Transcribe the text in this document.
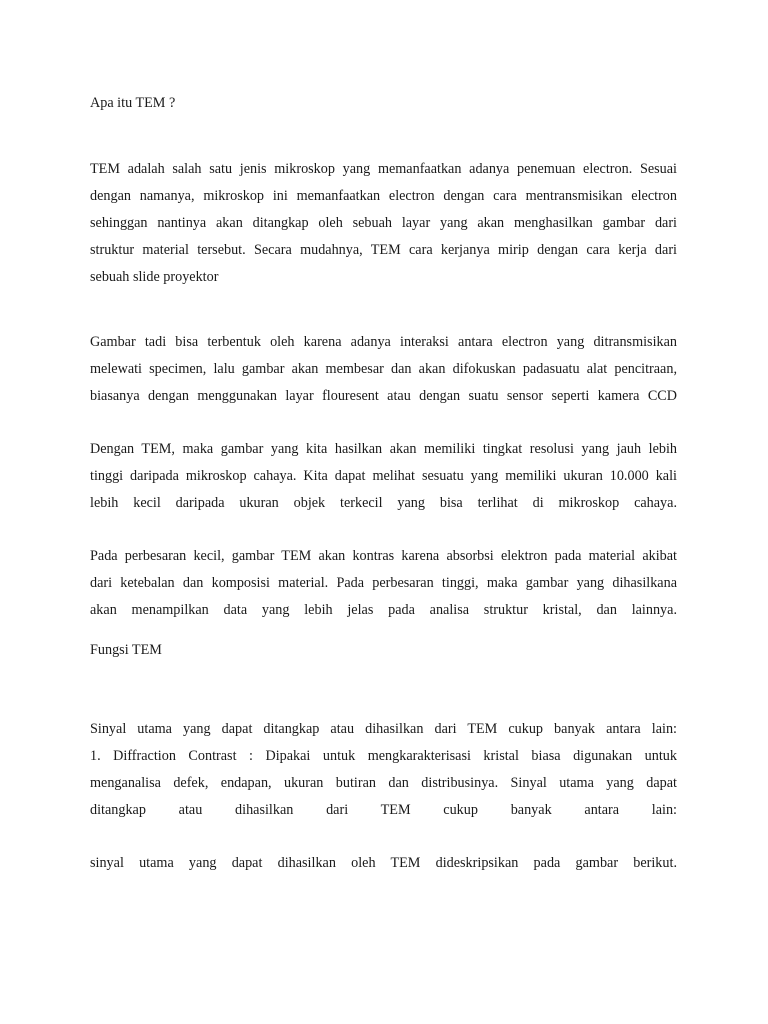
Apa itu TEM ?

TEM adalah salah satu jenis mikroskop yang memanfaatkan adanya penemuan electron. Sesuai

dengan namanya, mikroskop ini memanfaatkan electron dengan cara mentransmisikan electron

sehinggan nantinya akan ditangkap oleh sebuah layar yang akan menghasilkan gambar dari

struktur material tersebut. Secara mudahnya, TEM cara kerjanya mirip dengan cara kerja dari

sebuah slide proyektor

Gambar tadi bisa terbentuk oleh karena adanya interaksi antara electron yang ditransmisikan

melewati specimen, lalu gambar akan membesar dan akan difokuskan padasuatu alat pencitraan,

biasanya dengan menggunakan layar flouresent atau dengan suatu sensor seperti kamera CCD

Dengan TEM, maka gambar yang kita hasilkan akan memiliki tingkat resolusi yang jauh lebih

tinggi daripada mikroskop cahaya. Kita dapat melihat sesuatu yang memiliki ukuran 10.000 kali

lebih kecil daripada ukuran objek terkecil yang bisa terlihat di mikroskop cahaya.

Pada perbesaran kecil, gambar TEM akan kontras karena absorbsi elektron pada material akibat

dari ketebalan dan komposisi material. Pada perbesaran tinggi, maka gambar yang dihasilkana

akan menampilkan data yang lebih jelas pada analisa struktur kristal, dan lainnya.

Fungsi TEM

Sinyal utama yang dapat ditangkap atau dihasilkan dari TEM cukup banyak antara lain:

1. Diffraction Contrast : Dipakai untuk mengkarakterisasi kristal biasa digunakan untuk

menganalisa defek, endapan, ukuran butiran dan distribusinya. Sinyal utama yang dapat

ditangkap atau dihasilkan dari TEM cukup banyak antara lain:

sinyal utama yang dapat dihasilkan oleh TEM dideskripsikan pada gambar berikut.
